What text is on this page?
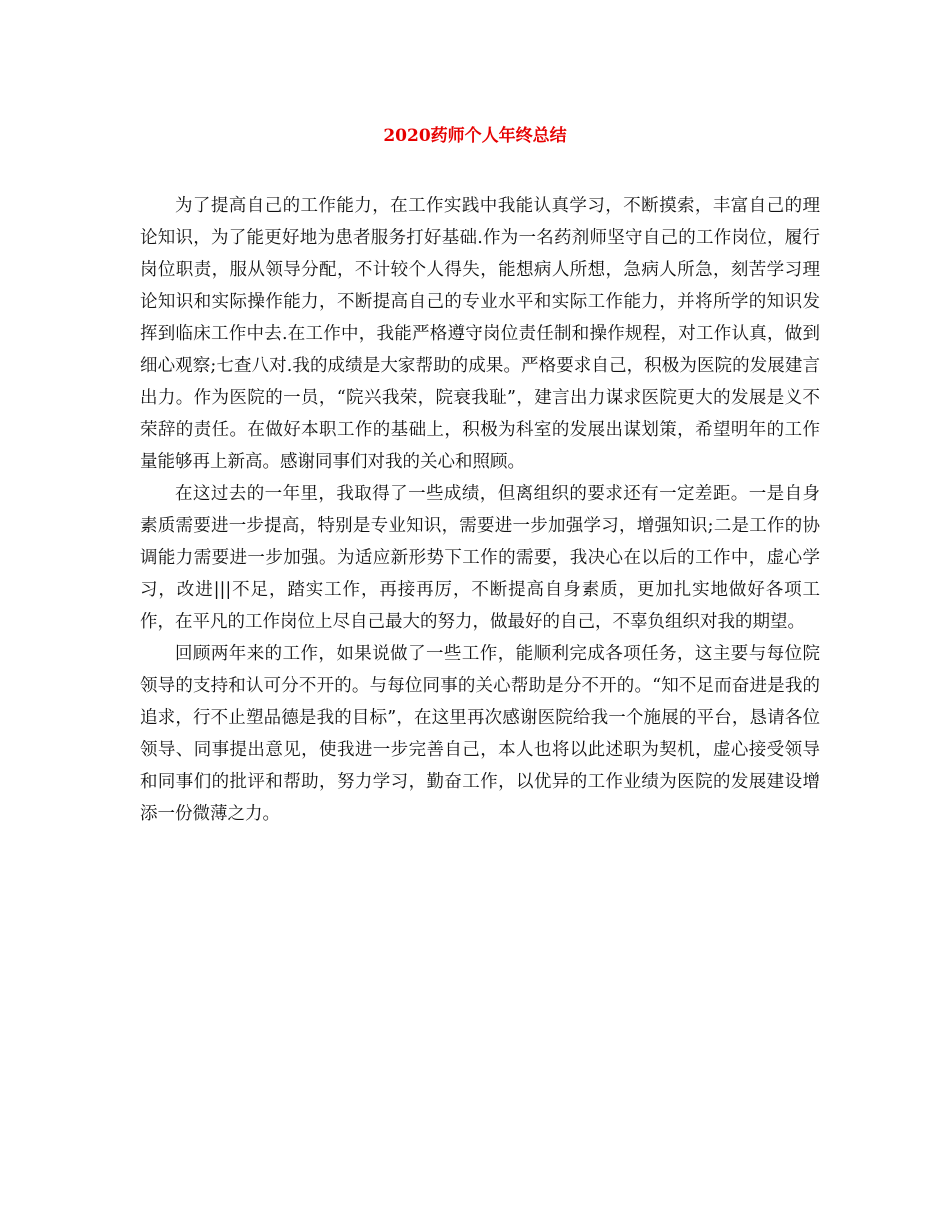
2020药师个人年终总结

为了提高自己的工作能力，在工作实践中我能认真学习，不断摸索，丰富自己的理论知识，为了能更好地为患者服务打好基础.作为一名药剂师坚守自己的工作岗位，履行岗位职责，服从领导分配，不计较个人得失，能想病人所想，急病人所急，刻苦学习理论知识和实际操作能力，不断提高自己的专业水平和实际工作能力，并将所学的知识发挥到临床工作中去.在工作中，我能严格遵守岗位责任制和操作规程，对工作认真，做到细心观察;七查八对.我的成绩是大家帮助的成果。严格要求自己，积极为医院的发展建言出力。作为医院的一员，“院兴我荣，院衰我耻”，建言出力谋求医院更大的发展是义不荣辞的责任。在做好本职工作的基础上，积极为科室的发展出谋划策，希望明年的工作量能够再上新高。感谢同事们对我的关心和照顾。

在这过去的一年里，我取得了一些成绩，但离组织的要求还有一定差距。一是自身素质需要进一步提高，特别是专业知识，需要进一步加强学习，增强知识;二是工作的协调能力需要进一步加强。为适应新形势下工作的需要，我决心在以后的工作中，虚心学习，改进|||不足，踏实工作，再接再厉，不断提高自身素质，更加扎实地做好各项工作，在平凡的工作岗位上尽自己最大的努力，做最好的自己，不辜负组织对我的期望。

回顾两年来的工作，如果说做了一些工作，能顺利完成各项任务，这主要与每位院领导的支持和认可分不开的。与每位同事的关心帮助是分不开的。“知不足而奋进是我的追求，行不止塑品德是我的目标”，在这里再次感谢医院给我一个施展的平台，恳请各位领导、同事提出意见，使我进一步完善自己，本人也将以此述职为契机，虚心接受领导和同事们的批评和帮助，努力学习，勤奋工作，以优异的工作业绩为医院的发展建设增添一份微薄之力。
